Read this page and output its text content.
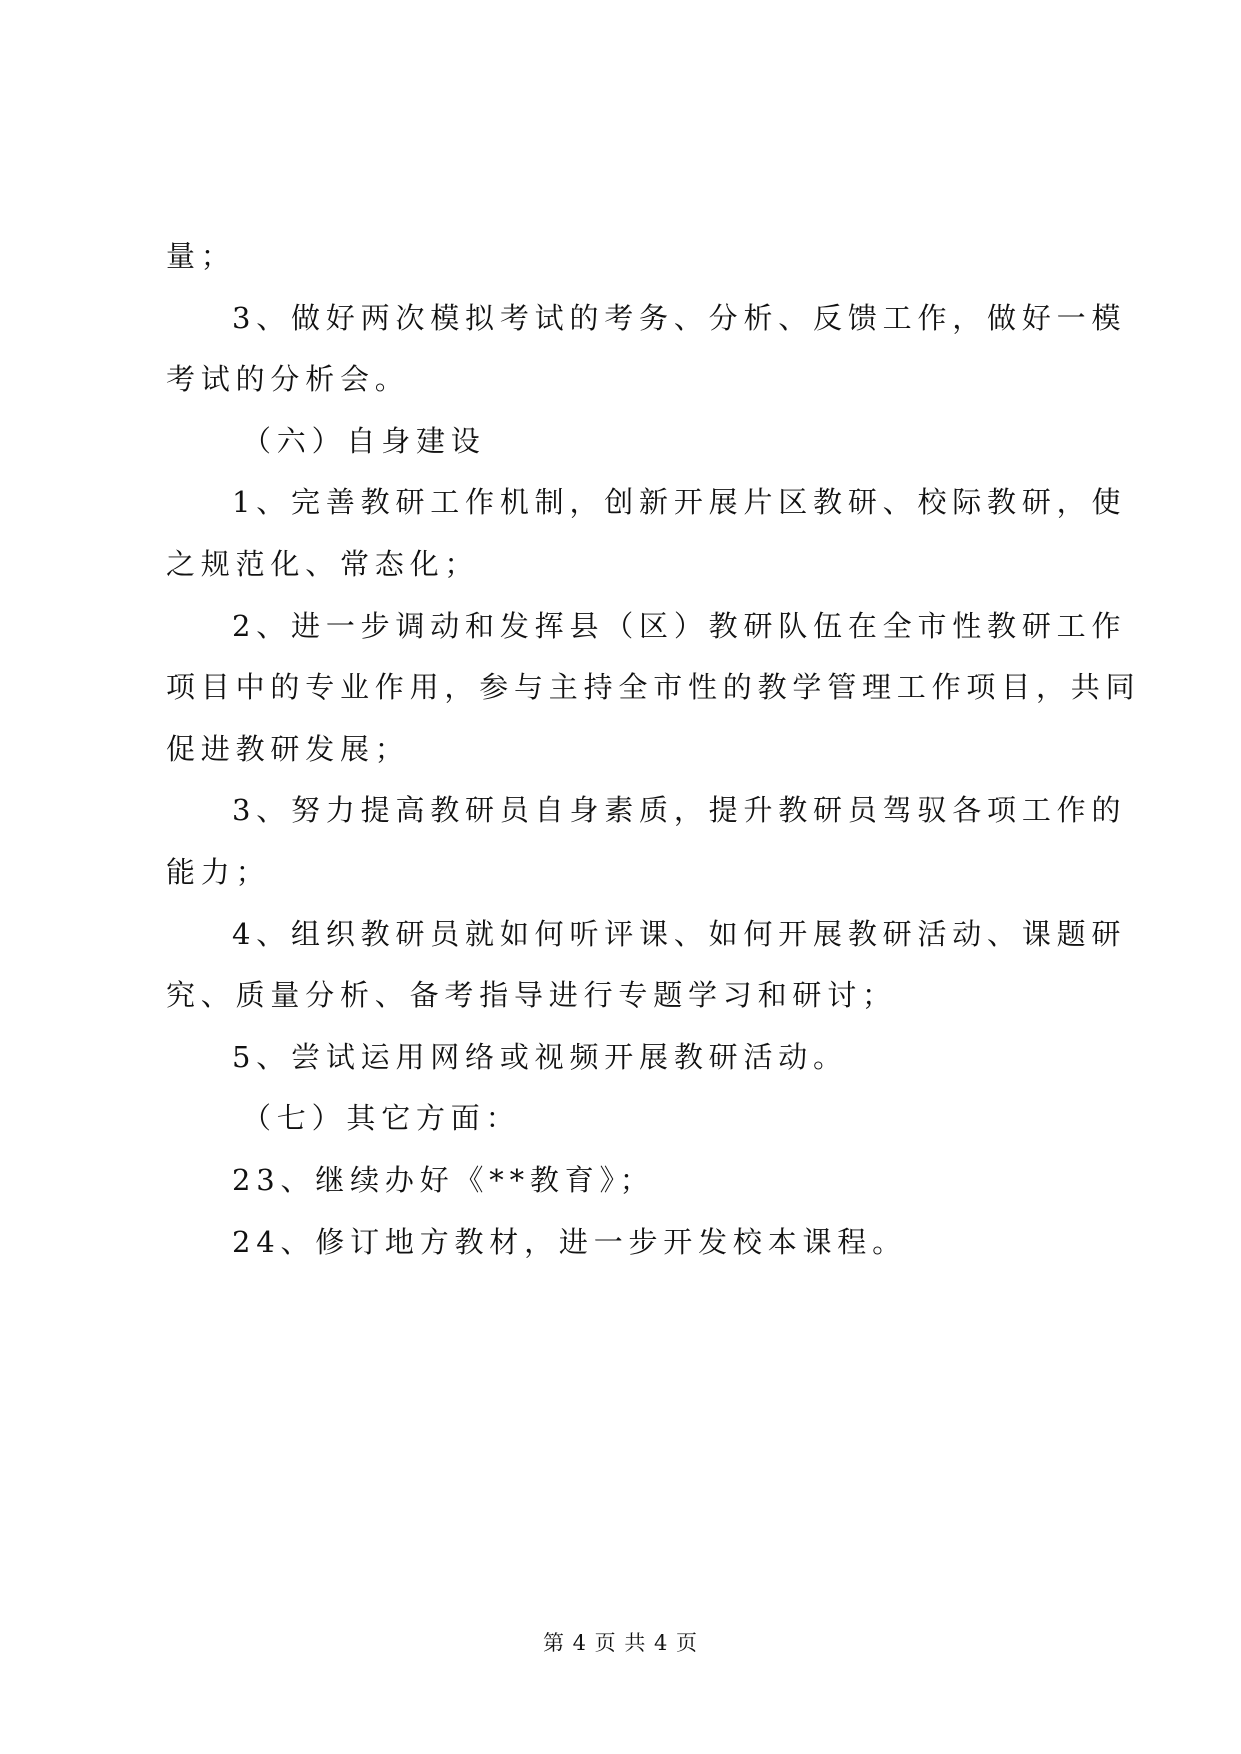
量；
3、做好两次模拟考试的考务、分析、反馈工作，做好一模
考试的分析会。
（六）自身建设
1、完善教研工作机制，创新开展片区教研、校际教研，使
之规范化、常态化；
2、进一步调动和发挥县（区）教研队伍在全市性教研工作
项目中的专业作用，参与主持全市性的教学管理工作项目，共同
促进教研发展；
3、努力提高教研员自身素质，提升教研员驾驭各项工作的
能力；
4、组织教研员就如何听评课、如何开展教研活动、课题研
究、质量分析、备考指导进行专题学习和研讨；
5、尝试运用网络或视频开展教研活动。
（七）其它方面：
23、继续办好《**教育》；
24、修订地方教材，进一步开发校本课程。
第 4 页 共 4 页
